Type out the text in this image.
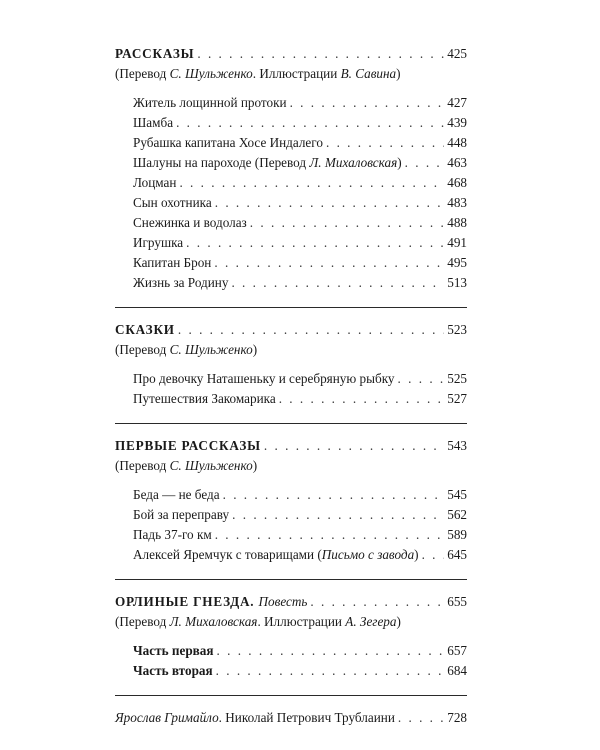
РАССКАЗЫ . . .	425
(Перевод С. Шульженко. Иллюстрации В. Савина)
Житель лощинной протоки . . .	427
Шамба . . .	439
Рубашка капитана Хосе Индалего . . .	448
Шалуны на пароходе (Перевод Л. Михаловская) . . .	463
Лоцман . . .	468
Сын охотника . . .	483
Снежинка и водолаз . . .	488
Игрушка . . .	491
Капитан Брон . . .	495
Жизнь за Родину . . .	513
СКАЗКИ . . .	523
(Перевод С. Шульженко)
Про девочку Наташеньку и серебряную рыбку . . .	525
Путешествия Закомарика . . .	527
ПЕРВЫЕ РАССКАЗЫ . . .	543
(Перевод С. Шульженко)
Беда — не беда . . .	545
Бой за переправу . . .	562
Падь 37-го км . . .	589
Алексей Яремчук с товарищами (Письмо с завода) . . . 645
ОРЛИНЫЕ ГНЕЗДА. Повесть . . .	655
(Перевод Л. Михаловская. Иллюстрации А. Зегера)
Часть первая . . .	657
Часть вторая . . .	684
Ярослав Гримайло. Николай Петрович Трублаини . . .	728
